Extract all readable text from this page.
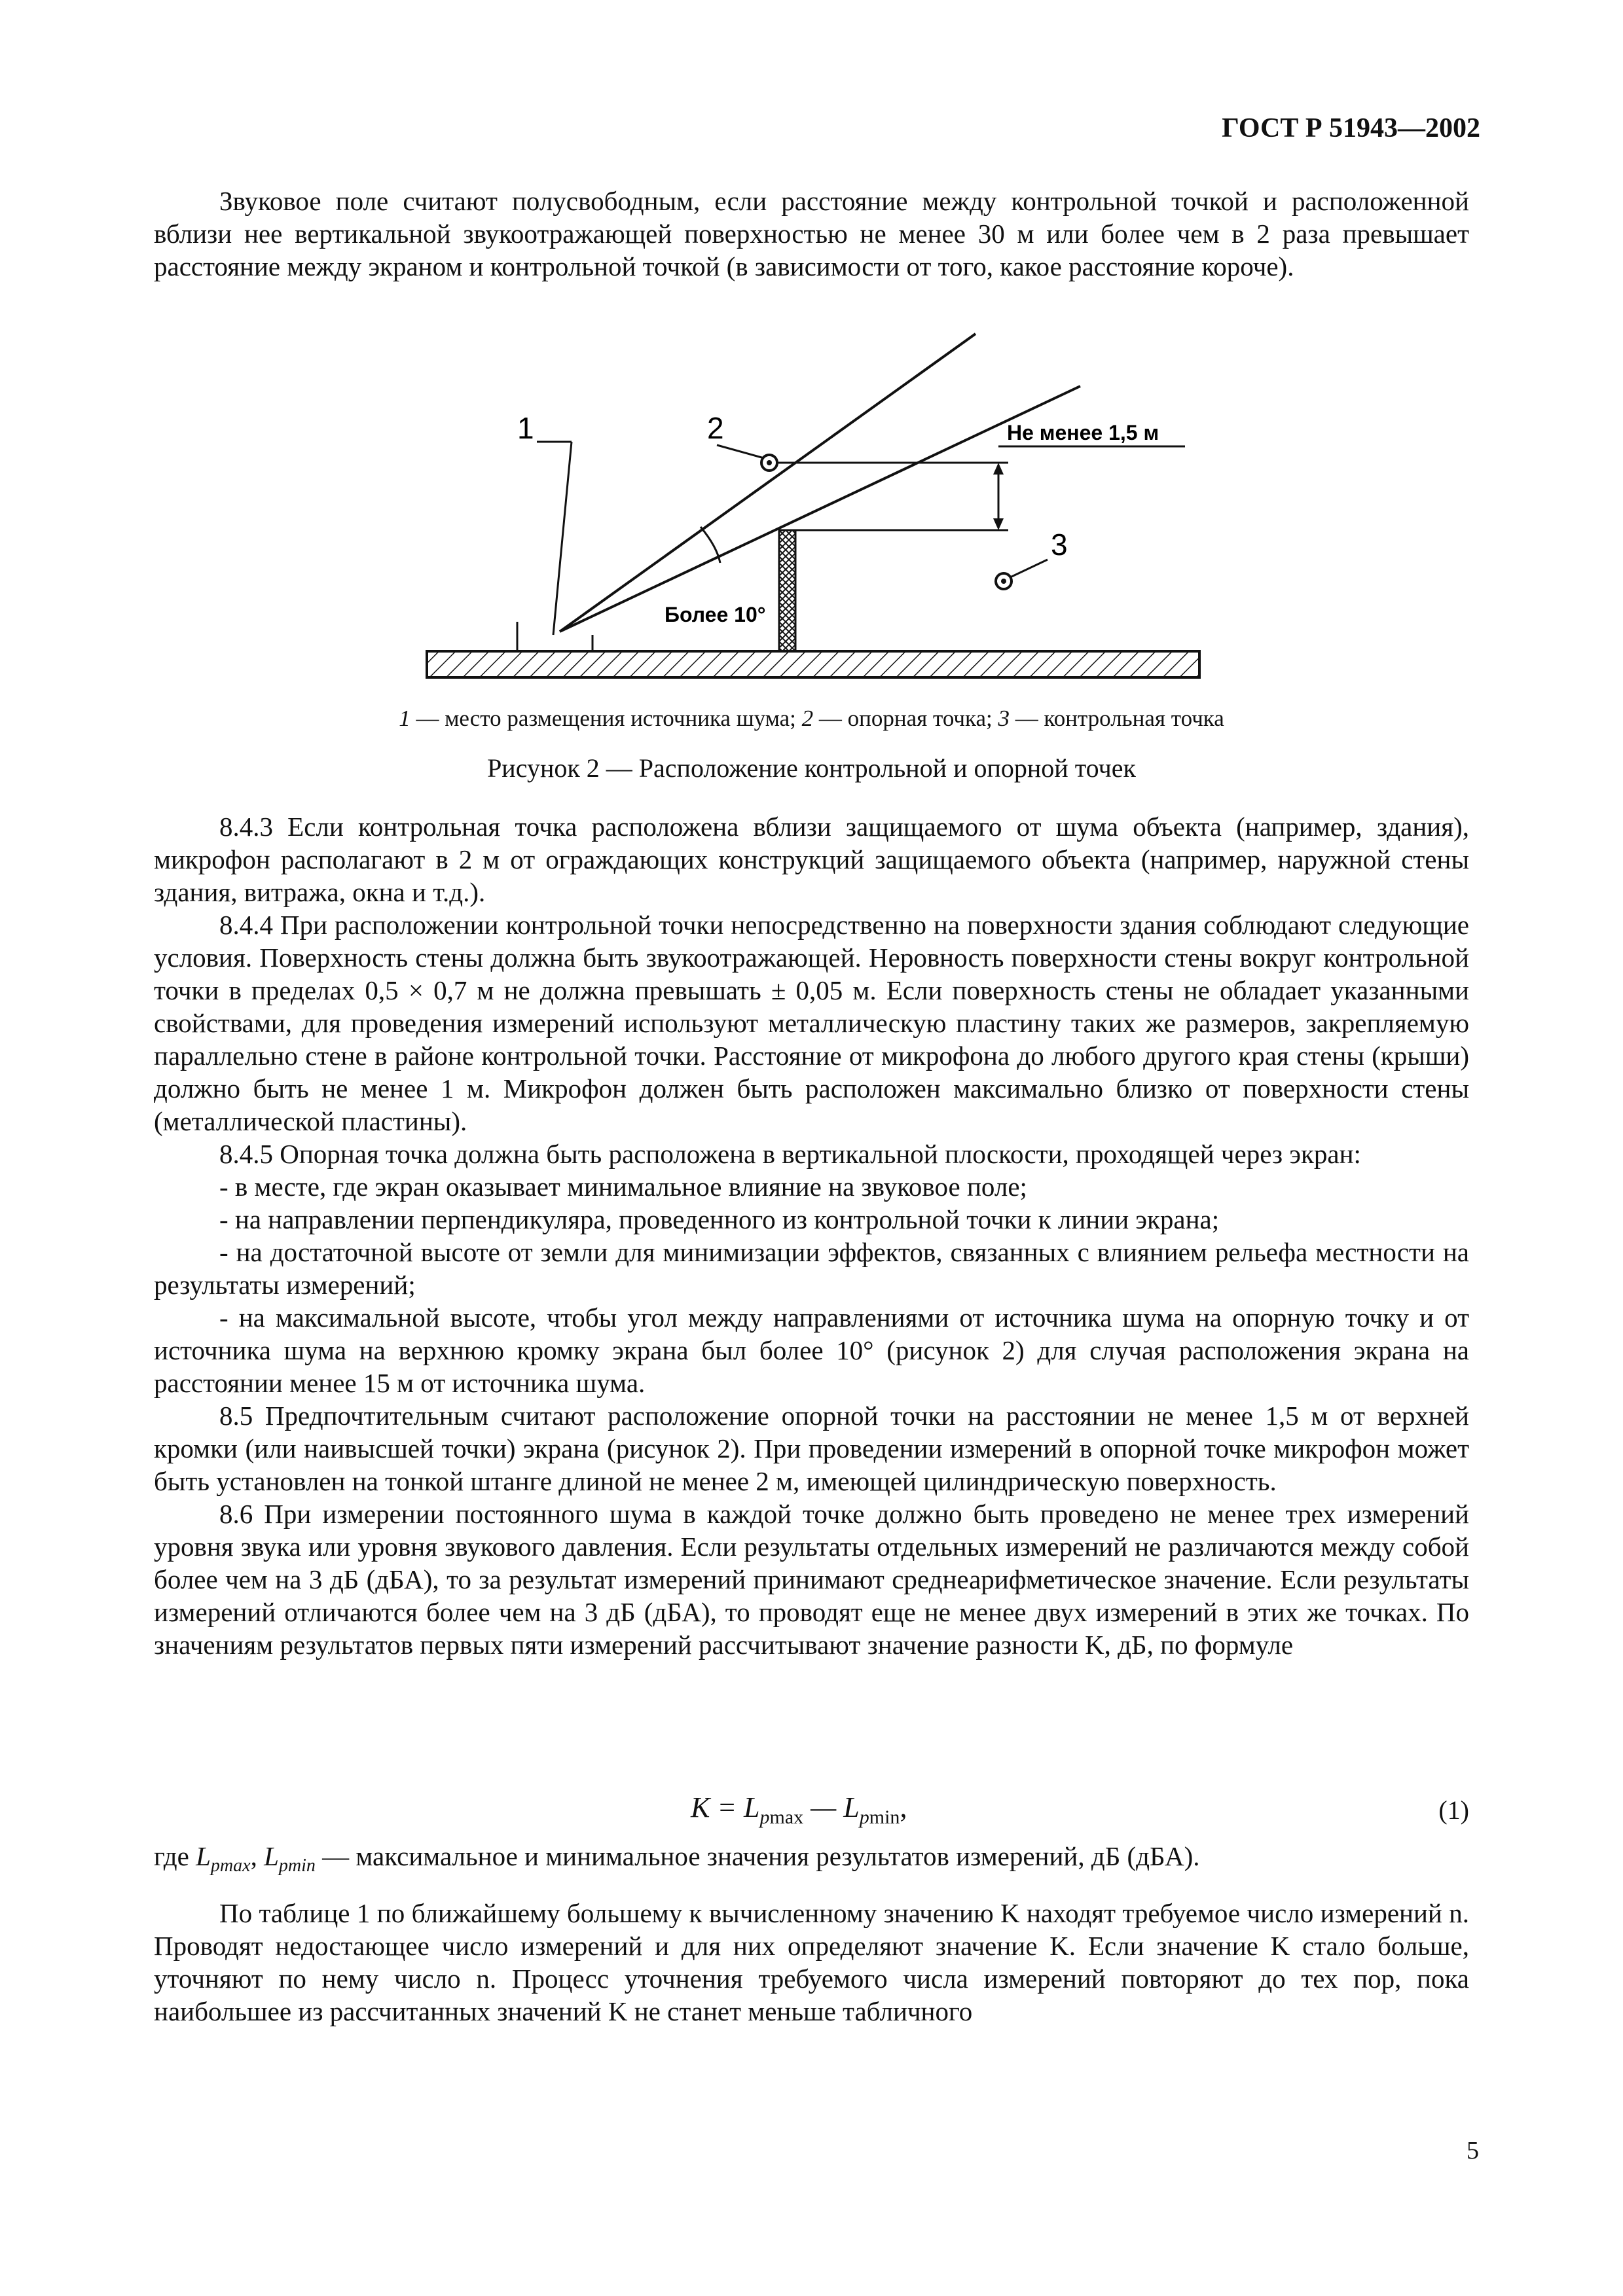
ГОСТ Р 51943—2002

Звуковое поле считают полусвободным, если расстояние между контрольной точкой и расположенной вблизи нее вертикальной звукоотражающей поверхностью не менее 30 м или более чем в 2 раза превышает расстояние между экраном и контрольной точкой (в зависимости от того, какое расстояние короче).

1	2
3
Не менее 1,5 м
Более 10°
1 — место размещения источника шума; 2 — опорная точка; 3 — контрольная точка
Рисунок 2 — Расположение контрольной и опорной точек

8.4.3 Если контрольная точка расположена вблизи защищаемого от шума объекта (например, здания), микрофон располагают в 2 м от ограждающих конструкций защищаемого объекта (например, наружной стены здания, витража, окна и т.д.).

8.4.4 При расположении контрольной точки непосредственно на поверхности здания соблюдают следующие условия. Поверхность стены должна быть звукоотражающей. Неровность поверхности стены вокруг контрольной точки в пределах 0,5 × 0,7 м не должна превышать ± 0,05 м. Если поверхность стены не обладает указанными свойствами, для проведения измерений используют металлическую пластину таких же размеров, закрепляемую параллельно стене в районе контрольной точки. Расстояние от микрофона до любого другого края стены (крыши) должно быть не менее 1 м. Микрофон должен быть расположен максимально близко от поверхности стены (металлической пластины).

8.4.5 Опорная точка должна быть расположена в вертикальной плоскости, проходящей через экран:

- в месте, где экран оказывает минимальное влияние на звуковое поле;

- на направлении перпендикуляра, проведенного из контрольной точки к линии экрана;

- на достаточной высоте от земли для минимизации эффектов, связанных с влиянием рельефа местности на результаты измерений;

- на максимальной высоте, чтобы угол между направлениями от источника шума на опорную точку и от источника шума на верхнюю кромку экрана был более 10° (рисунок 2) для случая расположения экрана на расстоянии менее 15 м от источника шума.

8.5 Предпочтительным считают расположение опорной точки на расстоянии не менее 1,5 м от верхней кромки (или наивысшей точки) экрана (рисунок 2). При проведении измерений в опорной точке микрофон может быть установлен на тонкой штанге длиной не менее 2 м, имеющей цилиндрическую поверхность.

8.6 При измерении постоянного шума в каждой точке должно быть проведено не менее трех измерений уровня звука или уровня звукового давления. Если результаты отдельных измерений не различаются между собой более чем на 3 дБ (дБА), то за результат измерений принимают среднеарифметическое значение. Если результаты измерений отличаются более чем на 3 дБ (дБА), то проводят еще не менее двух измерений в этих же точках. По значениям результатов первых пяти измерений рассчитывают значение разности K, дБ, по формуле

$K = L_{pmax}$ — $L_{pmin}$,	(1)
где $L_{pmax}$, $L_{pmin}$ — максимальное и минимальное значения результатов измерений, дБ (дБА).

По таблице 1 по ближайшему большему к вычисленному значению K находят требуемое число измерений n. Проводят недостающее число измерений и для них определяют значение K. Если значение K стало больше, уточняют по нему число n. Процесс уточнения требуемого числа измерений повторяют до тех пор, пока наибольшее из рассчитанных значений K не станет меньше табличного

5
